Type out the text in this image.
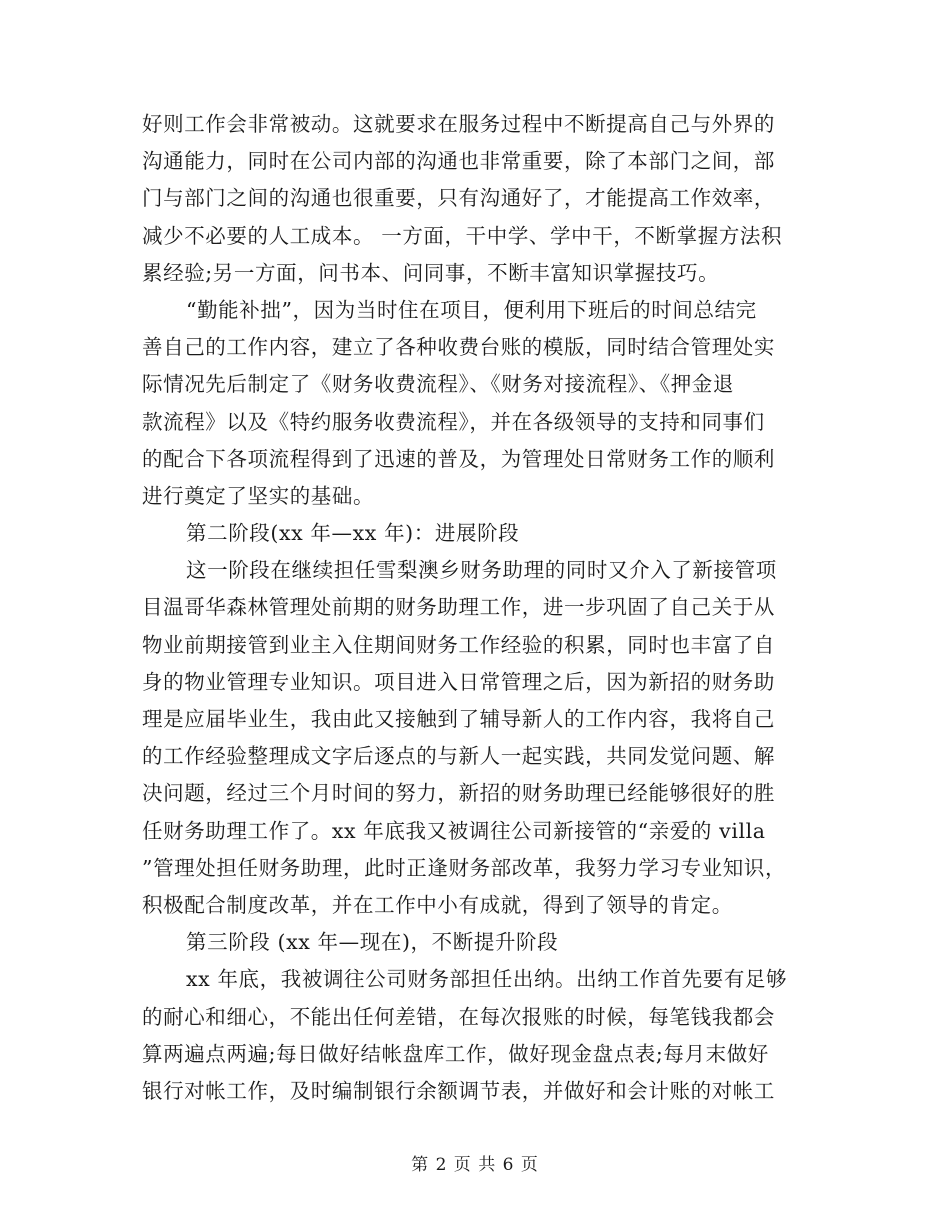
好则工作会非常被动。这就要求在服务过程中不断提高自己与外界的
沟通能力，同时在公司内部的沟通也非常重要，除了本部门之间，部
门与部门之间的沟通也很重要，只有沟通好了，才能提高工作效率，
减少不必要的人工成本。 一方面，干中学、学中干，不断掌握方法积
累经验;另一方面，问书本、问同事，不断丰富知识掌握技巧。
“勤能补拙”，因为当时住在项目，便利用下班后的时间总结完
善自己的工作内容，建立了各种收费台账的模版，同时结合管理处实
际情况先后制定了《财务收费流程》、《财务对接流程》、《押金退
款流程》以及《特约服务收费流程》，并在各级领导的支持和同事们
的配合下各项流程得到了迅速的普及，为管理处日常财务工作的顺利
进行奠定了坚实的基础。
第二阶段(xx 年—xx 年)：进展阶段
这一阶段在继续担任雪梨澳乡财务助理的同时又介入了新接管项
目温哥华森林管理处前期的财务助理工作，进一步巩固了自己关于从
物业前期接管到业主入住期间财务工作经验的积累，同时也丰富了自
身的物业管理专业知识。项目进入日常管理之后，因为新招的财务助
理是应届毕业生，我由此又接触到了辅导新人的工作内容，我将自己
的工作经验整理成文字后逐点的与新人一起实践，共同发觉问题、解
决问题，经过三个月时间的努力，新招的财务助理已经能够很好的胜
任财务助理工作了。xx 年底我又被调往公司新接管的“亲爱的 villa
”管理处担任财务助理，此时正逢财务部改革，我努力学习专业知识，
积极配合制度改革，并在工作中小有成就，得到了领导的肯定。
第三阶段 (xx 年—现在)，不断提升阶段
xx 年底，我被调往公司财务部担任出纳。出纳工作首先要有足够
的耐心和细心，不能出任何差错，在每次报账的时候，每笔钱我都会
算两遍点两遍;每日做好结帐盘库工作，做好现金盘点表;每月末做好
银行对帐工作，及时编制银行余额调节表，并做好和会计账的对帐工
第 2 页 共 6 页
